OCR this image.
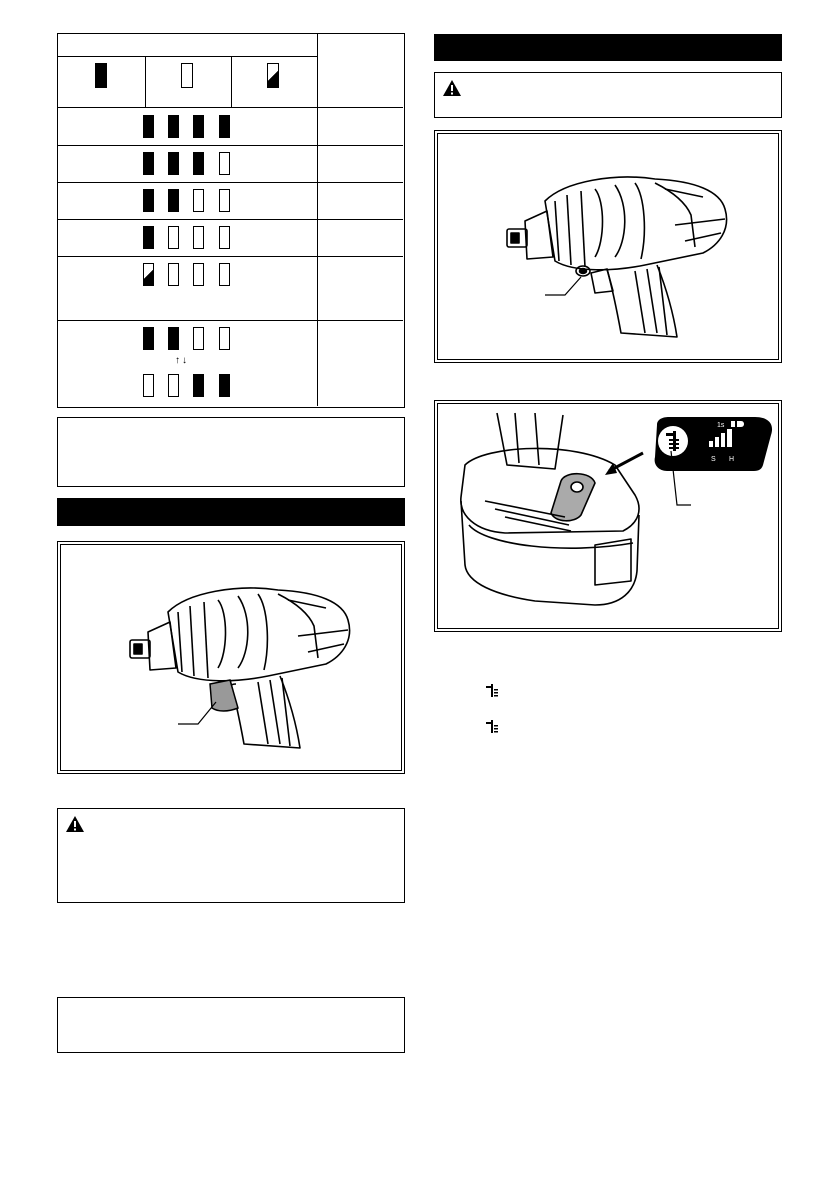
↑↓
1s
S H
